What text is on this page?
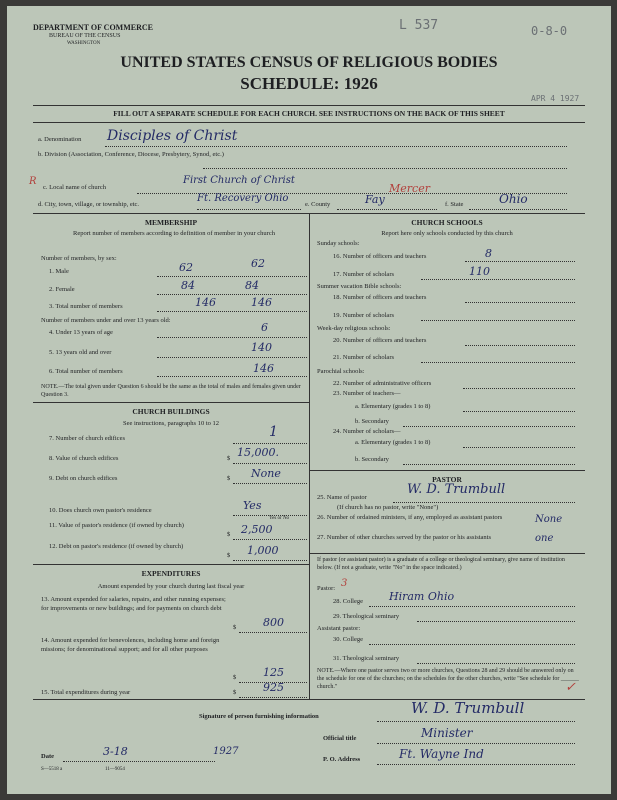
DEPARTMENT OF COMMERCE
BUREAU OF THE CENSUS
WASHINGTON
L 537	0-8-0
APR 4 1927
UNITED STATES CENSUS OF RELIGIOUS BODIES
SCHEDULE: 1926
FILL OUT A SEPARATE SCHEDULE FOR EACH CHURCH. SEE INSTRUCTIONS ON THE BACK OF THIS SHEET
a. Denomination Disciples of Christ
b. Division (Association, Conference, Diocese, Presbytery, Synod, etc.)
R
c. Local name of church
First Church of Christ
d. City, town, village, or township, etc.
Ft. Recovery Ohio
e. County	Fay
Mercer
f. State	Ohio
MEMBERSHIP
Report number of members according to definition of member in your church
Number of members, by sex:
1. Male	62	62
2. Female	84	84
3. Total number of members	146	146
Number of members under and over 13 years old:
4. Under 13 years of age	6
5. 13 years old and over	140
6. Total number of members	146
NOTE.—The total given under Question 6 should be the same as the total of males and females given under Question 3.
CHURCH SCHOOLS
Report here only schools conducted by this church
Sunday schools:
16. Number of officers and teachers	8
17. Number of scholars	110
Summer vacation Bible schools:
18. Number of officers and teachers
19. Number of scholars
Week-day religious schools:
20. Number of officers and teachers
21. Number of scholars
Parochial schools:
22. Number of administrative officers
23. Number of teachers—
a. Elementary (grades 1 to 8)
b. Secondary
24. Number of scholars—
a. Elementary (grades 1 to 8)
b. Secondary
CHURCH BUILDINGS
See instructions, paragraphs 10 to 12
7. Number of church edifices	1
8. Value of church edifices	$ 15,000.
9. Debt on church edifices	$ None
10. Does church own pastor's residence	Yes
Yes or No
11. Value of pastor's residence (if owned by church)
$ 2,500
12. Debt on pastor's residence (if owned by church)
$ 1,000
PASTOR
25. Name of pastor
W. D. Trumbull
(If church has no pastor, write "None")
26. Number of ordained ministers, if any, employed as assistant pastors	None
27. Number of other churches served by the pastor or his assistants	one
If pastor (or assistant pastor) is a graduate of a college or theological seminary, give name of institution below. (If not a graduate, write "No" in the space indicated.)
Pastor: 3
28. College Hiram Ohio
29. Theological seminary
Assistant pastor:
30. College
31. Theological seminary
NOTE.—Where one pastor serves two or more churches, Questions 28 and 29 should be answered only on the schedule for one of the churches; on the schedules for the other churches, write "See schedule for ______ church."	✓
EXPENDITURES
Amount expended by your church during last fiscal year
13. Amount expended for salaries, repairs, and other running expenses; for improvements or new buildings; and for payments on church debt
$ 800
14. Amount expended for benevolences, including home and foreign missions; for denominational support; and for all other purposes
$ 125
15. Total expenditures during year	$ 925
Signature of person furnishing information	W. D. Trumbull
Official title	Minister
Date	3-18	1927
P. O. Address	Ft. Wayne Ind
S—5518 a	11—9054
